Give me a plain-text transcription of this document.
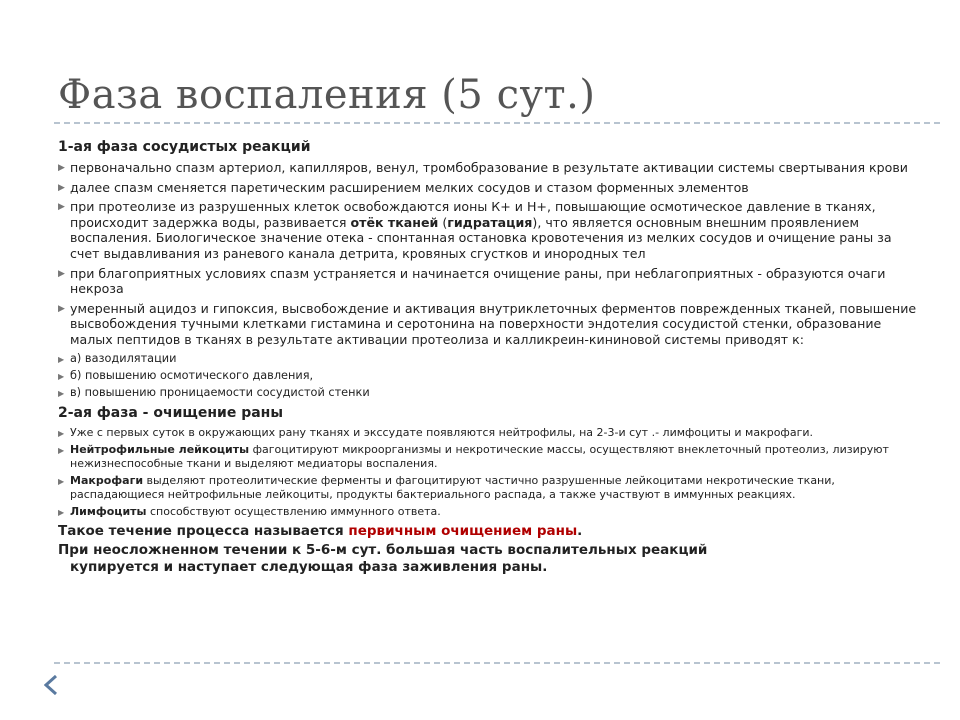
Фаза воспаления (5 сут.)
1-ая фаза сосудистых реакций
▶ первоначально спазм артериол, капилляров, венул, тромбобразование в результате активации системы свертывания крови
▶ далее спазм сменяется паретическим расширением мелких сосудов и стазом форменных элементов
▶ при протеолизе из разрушенных клеток освобождаются ионы К+ и Н+, повышающие осмотическое давление в тканях, происходит задержка воды, развивается отёк тканей (гидратация), что является основным внешним проявлением воспаления. Биологическое значение отека - спонтанная остановка кровотечения из мелких сосудов и очищение раны за счет выдавливания из раневого канала детрита, кровяных сгустков и инородных тел
▶ при благоприятных условиях спазм устраняется и начинается очищение раны, при неблагоприятных - образуются очаги некроза
▶ умеренный ацидоз и гипоксия, высвобождение и активация внутриклеточных ферментов поврежденных тканей, повышение высвобождения тучными клетками гистамина и серотонина на поверхности эндотелия сосудистой стенки, образование малых пептидов в тканях в результате активации протеолиза и калликреин-кининовой системы приводят к:
▶ а) вазодилятации
▶ б) повышению осмотического давления,
▶ в) повышению проницаемости сосудистой стенки
2-ая фаза - очищение раны
▶ Уже с первых суток в окружающих рану тканях и экссудате появляются нейтрофилы, на 2-3-и сут .- лимфоциты и макрофаги.
▶ Нейтрофильные лейкоциты фагоцитируют микроорганизмы и некротические массы, осуществляют внеклеточный протеолиз, лизируют нежизнеспособные ткани и выделяют медиаторы воспаления.
▶ Макрофаги выделяют протеолитические ферменты и фагоцитируют частично разрушенные лейкоцитами некротические ткани, распадающиеся нейтрофильные лейкоциты, продукты бактериального распада, а также участвуют в иммунных реакциях.
▶ Лимфоциты способствуют осуществлению иммунного ответа.
Такое течение процесса называется первичным очищением раны.
При неосложненном течении к 5-6-м сут. большая часть воспалительных реакций
купируется и наступает следующая фаза заживления раны.
